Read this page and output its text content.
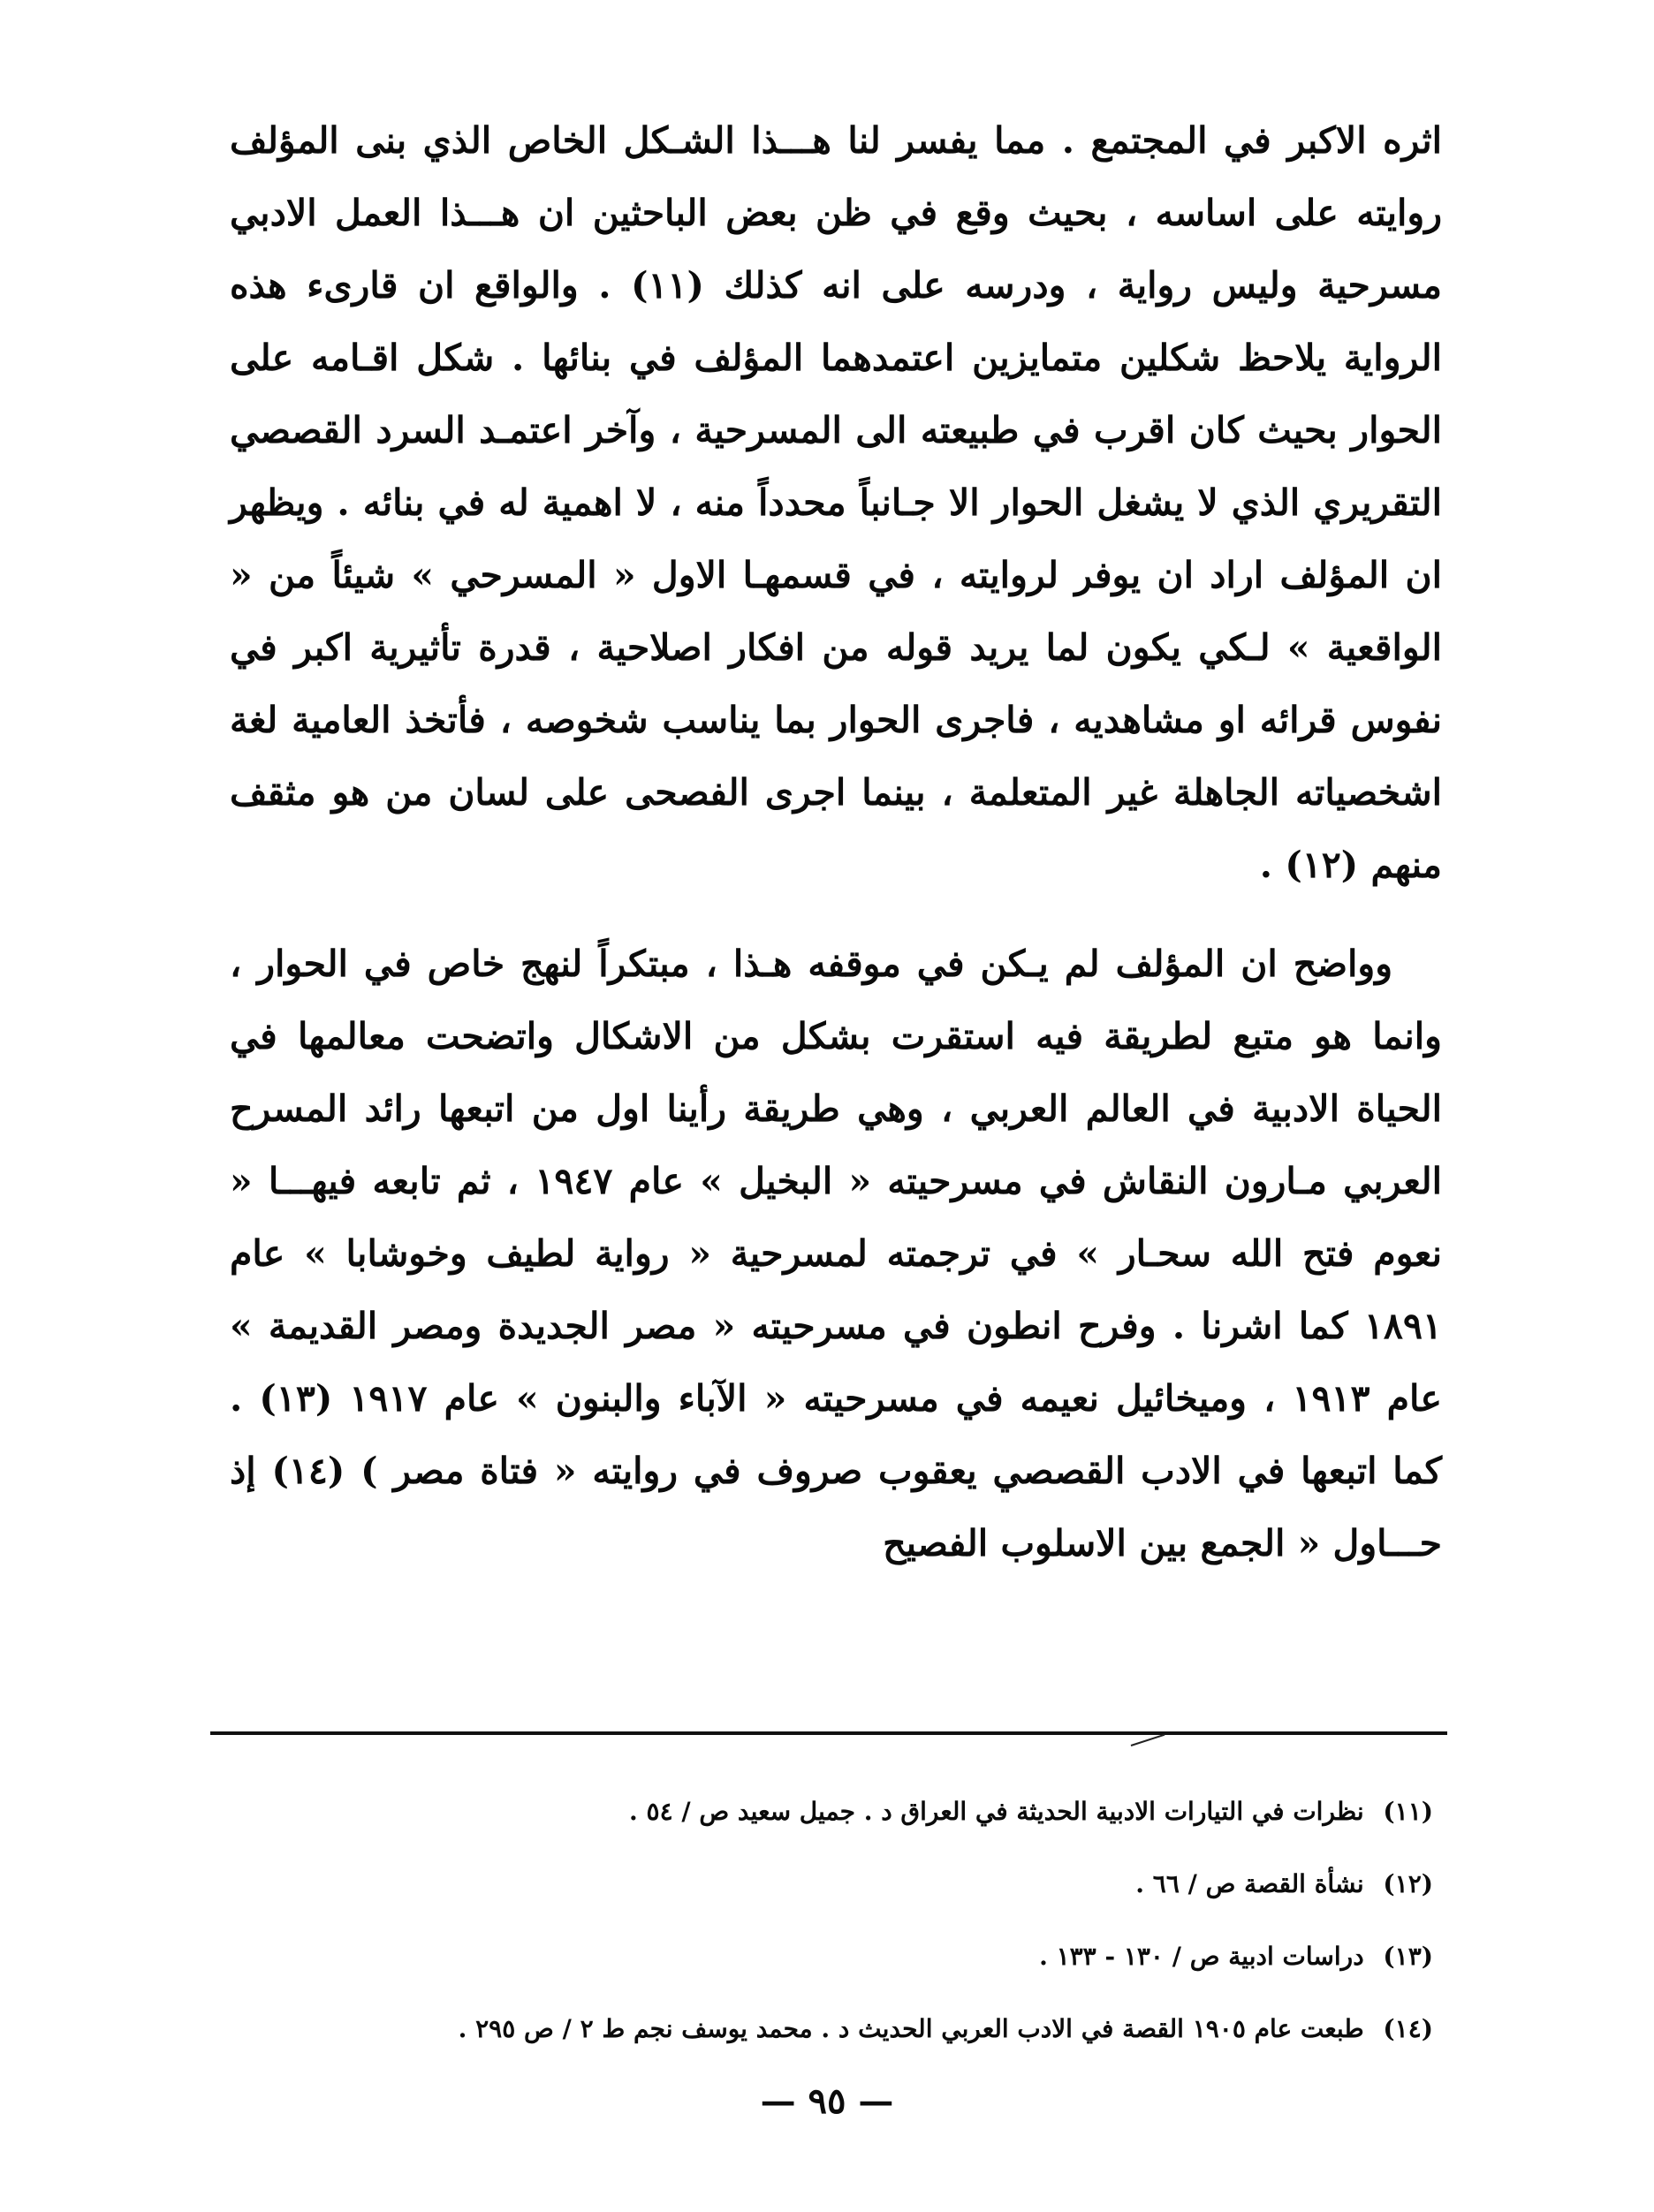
اثره الاكبر في المجتمع . مما يفسر لنا هـــذا الشـكل الخاص الذي بنى المؤلف روايته على اساسه ، بحيث وقع في ظن بعض الباحثين ان هـــذا العمل الادبي مسرحية وليس رواية ، ودرسه على انه كذلك (١١) . والواقع ان قارىء هذه الرواية يلاحظ شكلين متمايزين اعتمدهما المؤلف في بنائها . شكل اقـامه على الحوار بحيث كان اقرب في طبيعته الى المسرحية ، وآخر اعتمـد السرد القصصي التقريري الذي لا يشغل الحوار الا جـانباً محدداً منه ، لا اهمية له في بنائه . ويظهر ان المؤلف اراد ان يوفر لروايته ، في قسمهـا الاول « المسرحي » شيئاً من « الواقعية » لـكي يكون لما يريد قوله من افكار اصلاحية ، قدرة تأثيرية اكبر في نفوس قرائه او مشاهديه ، فاجرى الحوار بما يناسب شخوصه ، فأتخذ العامية لغة اشخصياته الجاهلة غير المتعلمة ، بينما اجرى الفصحى على لسان من هو مثقف منهم (١٢) .

وواضح ان المؤلف لم يـكن في موقفه هـذا ، مبتكراً لنهج خاص في الحوار ، وانما هو متبع لطريقة فيه استقرت بشكل من الاشكال واتضحت معالمها في الحياة الادبية في العالم العربي ، وهي طريقة رأينا اول من اتبعها رائد المسرح العربي مـارون النقاش في مسرحيته « البخيل » عام ١٩٤٧ ، ثم تابعه فيهـــا « نعوم فتح الله سحـار » في ترجمته لمسرحية « رواية لطيف وخوشابا » عام ١٨٩١ كما اشرنا . وفرح انطون في مسرحيته « مصر الجديدة ومصر القديمة » عام ١٩١٣ ، وميخائيل نعيمه في مسرحيته « الآباء والبنون » عام ١٩١٧ (١٣) . كما اتبعها في الادب القصصي يعقوب صروف في روايته « فتاة مصر ) (١٤) إذ حـــاول « الجمع بين الاسلوب الفصيح

(١١) نظرات في التيارات الادبية الحديثة في العراق د . جميل سعيد ص / ٥٤ .
(١٢) نشأة القصة ص / ٦٦ .
(١٣) دراسات ادبية ص / ١٣٠ - ١٣٣ .
(١٤) طبعت عام ١٩٠٥ القصة في الادب العربي الحديث د . محمد يوسف نجم ط ٢ / ص ٢٩٥ .
— ٩٥ —
